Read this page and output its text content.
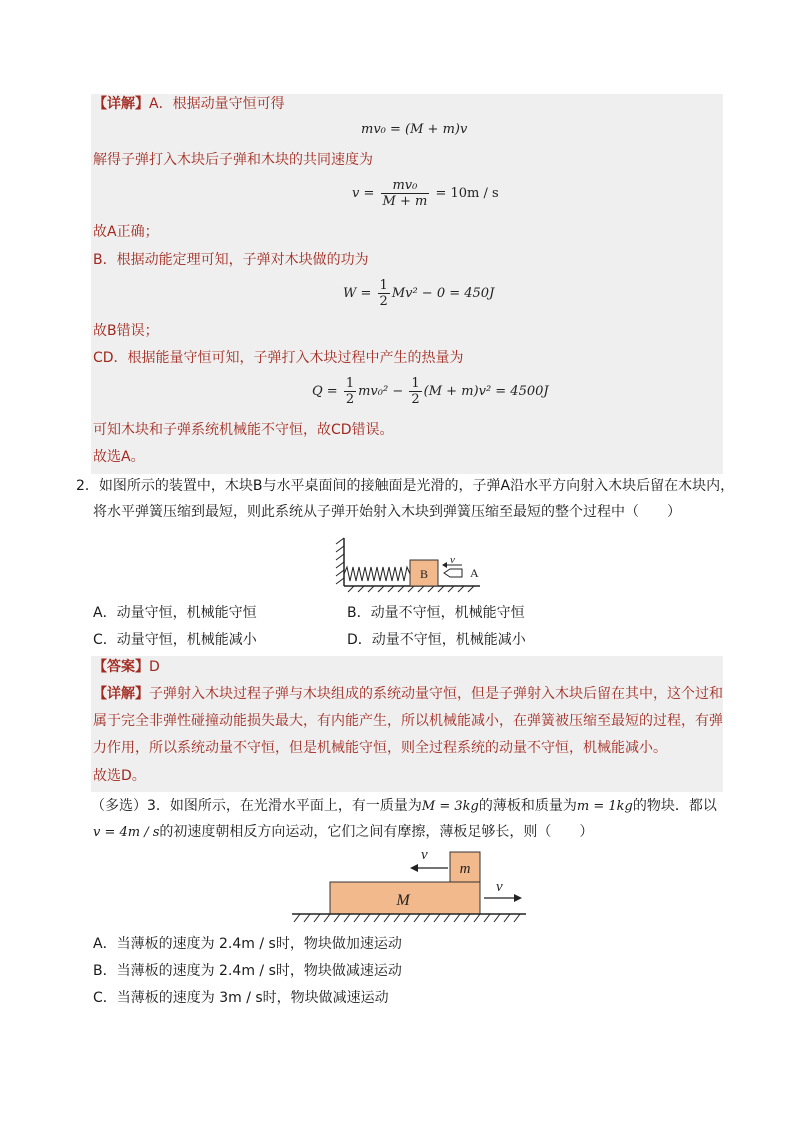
【详解】A．根据动量守恒可得
mv₀ = (M + m)v
解得子弹打入木块后子弹和木块的共同速度为
$v = \frac{\text{mv₀}}{M + m} = 10m / s$
故A正确；
B．根据动能定理可知，子弹对木块做的功为
$W = \frac{1}{2} Mv^2 - 0 = 450J$
故B错误；
CD．根据能量守恒可知，子弹打入木块过程中产生的热量为
$Q = \frac{1}{2} mv_0^2 - \frac{1}{2} (M + m)v^2 = 4500J$
可知木块和子弹系统机械能不守恒，故CD错误。
故选A。
2．如图所示的装置中，木块B与水平桌面间的接触面是光滑的，子弹A沿水平方向射入木块后留在木块内，
将水平弹簧压缩到最短，则此系统从子弹开始射入木块到弹簧压缩至最短的整个过程中（　　）
B	A
v
A．动量守恒，机械能守恒	B．动量不守恒，机械能守恒
C．动量守恒，机械能减小	D．动量不守恒，机械能减小
【答案】D
【详解】子弹射入木块过程子弹与木块组成的系统动量守恒，但是子弹射入木块后留在其中，这个过和
属于完全非弹性碰撞动能损失最大，有内能产生，所以机械能减小，在弹簧被压缩至最短的过程，有弹
力作用，所以系统动量不守恒，但是机械能守恒，则全过程系统的动量不守恒，机械能减小。
故选D。
（多选）3．如图所示，在光滑水平面上，有一质量为M = 3kg的薄板和质量为m = 1kg的物块．都以
v = 4m / s的初速度朝相反方向运动，它们之间有摩擦，薄板足够长，则（　　）
m
M
v
v
A．当薄板的速度为 2.4m / s时，物块做加速运动
B．当薄板的速度为 2.4m / s时，物块做减速运动
C．当薄板的速度为 3m / s时，物块做减速运动
